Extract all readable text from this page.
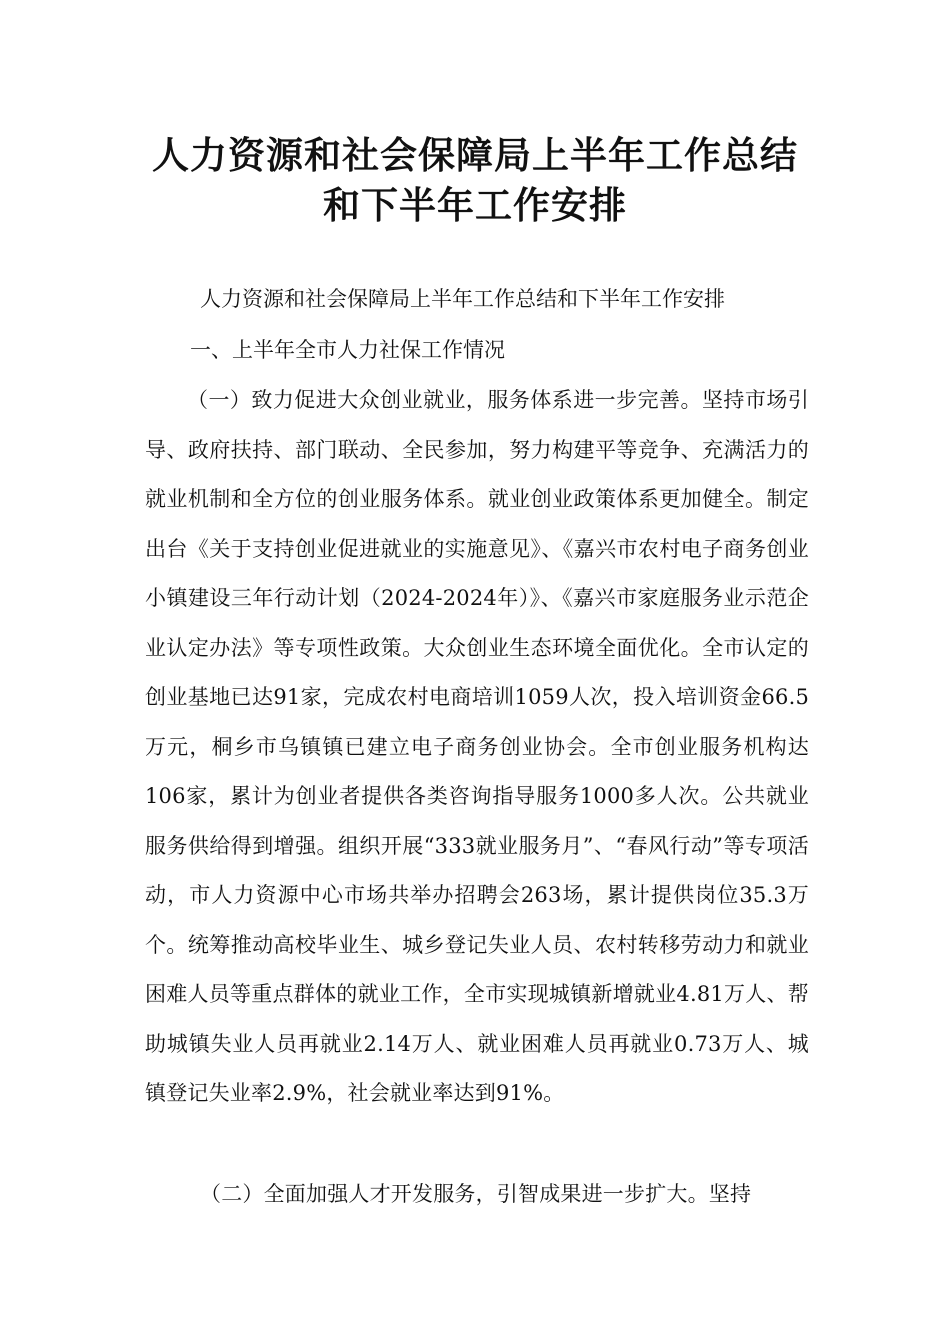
人力资源和社会保障局上半年工作总结
和下半年工作安排
人力资源和社会保障局上半年工作总结和下半年工作安排
一、上半年全市人力社保工作情况
（一）致力促进大众创业就业，服务体系进一步完善。坚持市场引导、政府扶持、部门联动、全民参加，努力构建平等竞争、充满活力的就业机制和全方位的创业服务体系。就业创业政策体系更加健全。制定出台《关于支持创业促进就业的实施意见》、《嘉兴市农村电子商务创业小镇建设三年行动计划（2024-2024年）》、《嘉兴市家庭服务业示范企业认定办法》等专项性政策。大众创业生态环境全面优化。全市认定的创业基地已达91家，完成农村电商培训1059人次，投入培训资金66.5万元，桐乡市乌镇镇已建立电子商务创业协会。全市创业服务机构达106家，累计为创业者提供各类咨询指导服务1000多人次。公共就业服务供给得到增强。组织开展“333就业服务月”、“春风行动”等专项活动，市人力资源中心市场共举办招聘会263场，累计提供岗位35.3万个。统筹推动高校毕业生、城乡登记失业人员、农村转移劳动力和就业困难人员等重点群体的就业工作，全市实现城镇新增就业4.81万人、帮助城镇失业人员再就业2.14万人、就业困难人员再就业0.73万人、城镇登记失业率2.9%，社会就业率达到91%。
（二）全面加强人才开发服务，引智成果进一步扩大。坚持
